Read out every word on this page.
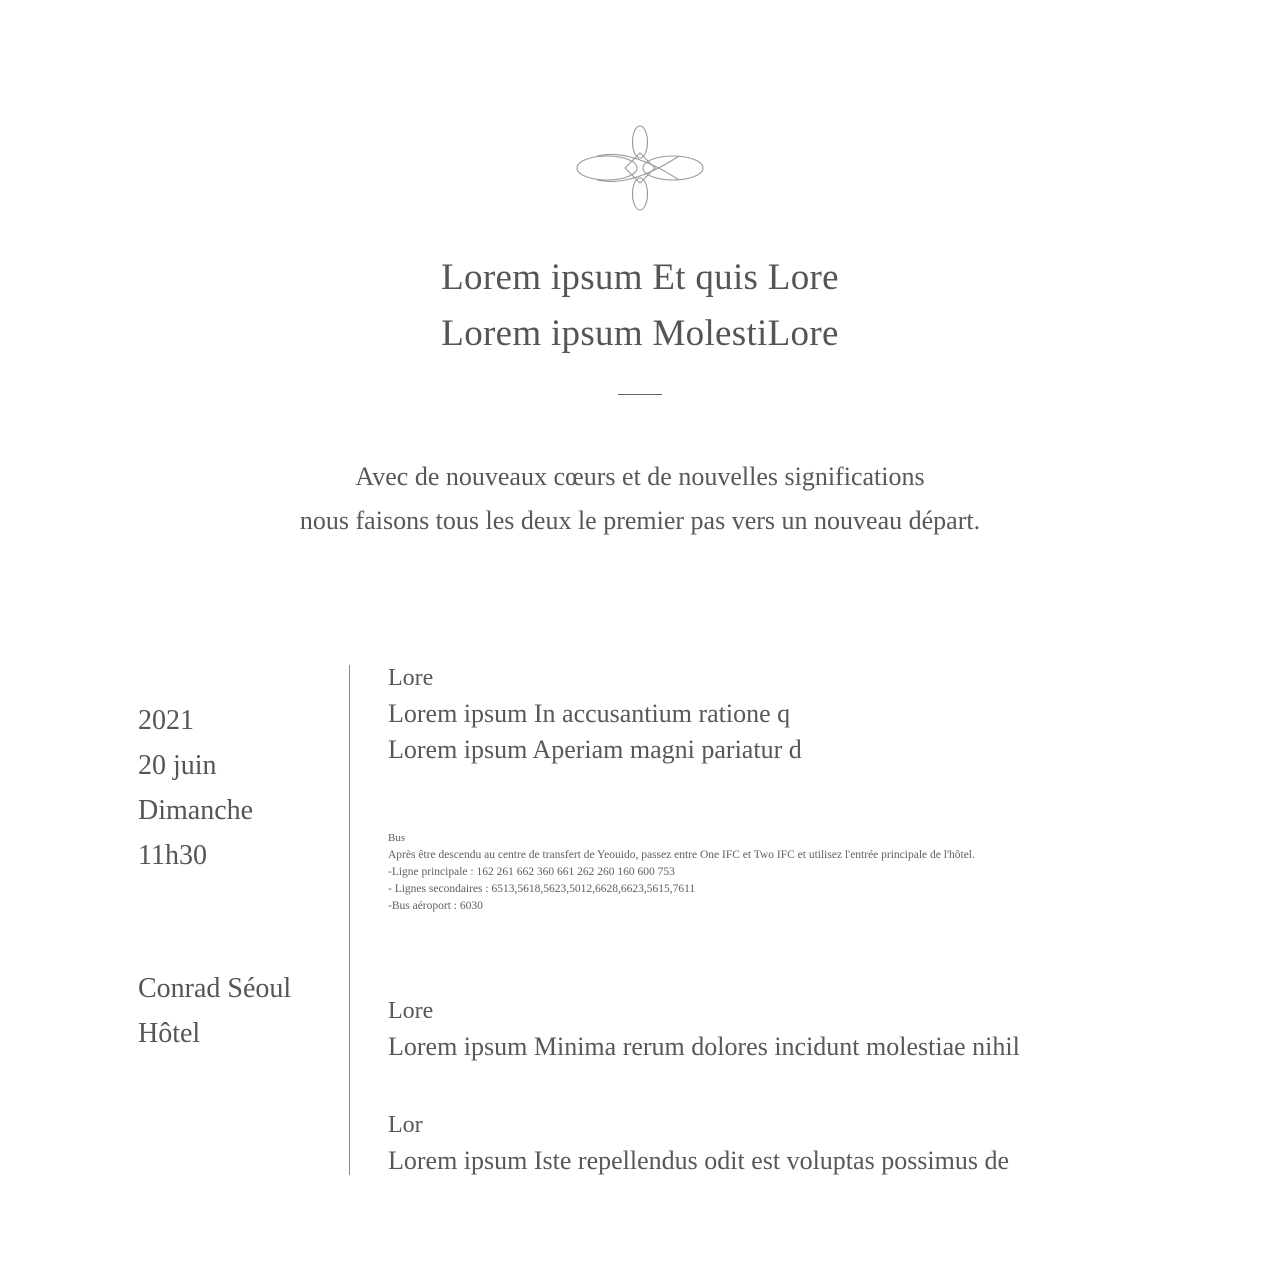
Lorem ipsum Et quis Lore
Lorem ipsum MolestiLore
Avec de nouveaux cœurs et de nouvelles significations
nous faisons tous les deux le premier pas vers un nouveau départ.
2021
20 juin
Dimanche
11h30
Conrad Séoul
Hôtel
Lore
Lorem ipsum In accusantium ratione q
Lorem ipsum Aperiam magni pariatur d
Bus
Après être descendu au centre de transfert de Yeouido, passez entre One IFC et Two IFC et utilisez l'entrée principale de l'hôtel.
-Ligne principale : 162 261 662 360 661 262 260 160 600 753
- Lignes secondaires : 6513,5618,5623,5012,6628,6623,5615,7611
-Bus aéroport : 6030
Lore
Lorem ipsum Minima rerum dolores incidunt molestiae nihil
Lor
Lorem ipsum Iste repellendus odit est voluptas possimus de
